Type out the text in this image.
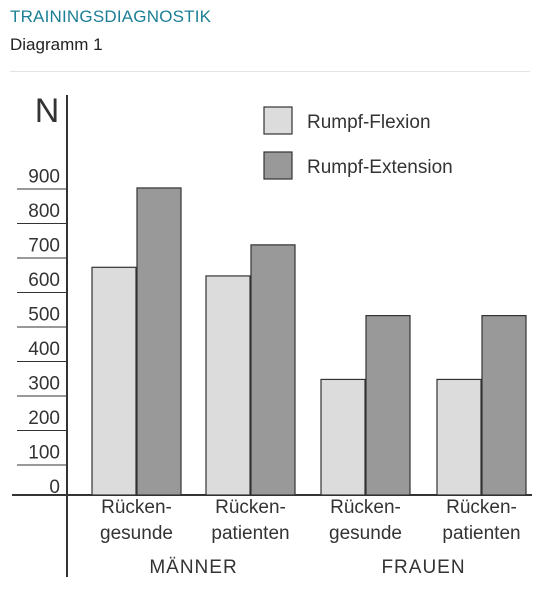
TRAININGSDIAGNOSTIK
Diagramm 1
N
0
100
200
300
400
500
600
700
800
900
Rücken-
gesunde
Rücken-
patienten
Rücken-
gesunde
Rücken-
patienten
MÄNNER	FRAUEN
Rumpf-Flexion
Rumpf-Extension
